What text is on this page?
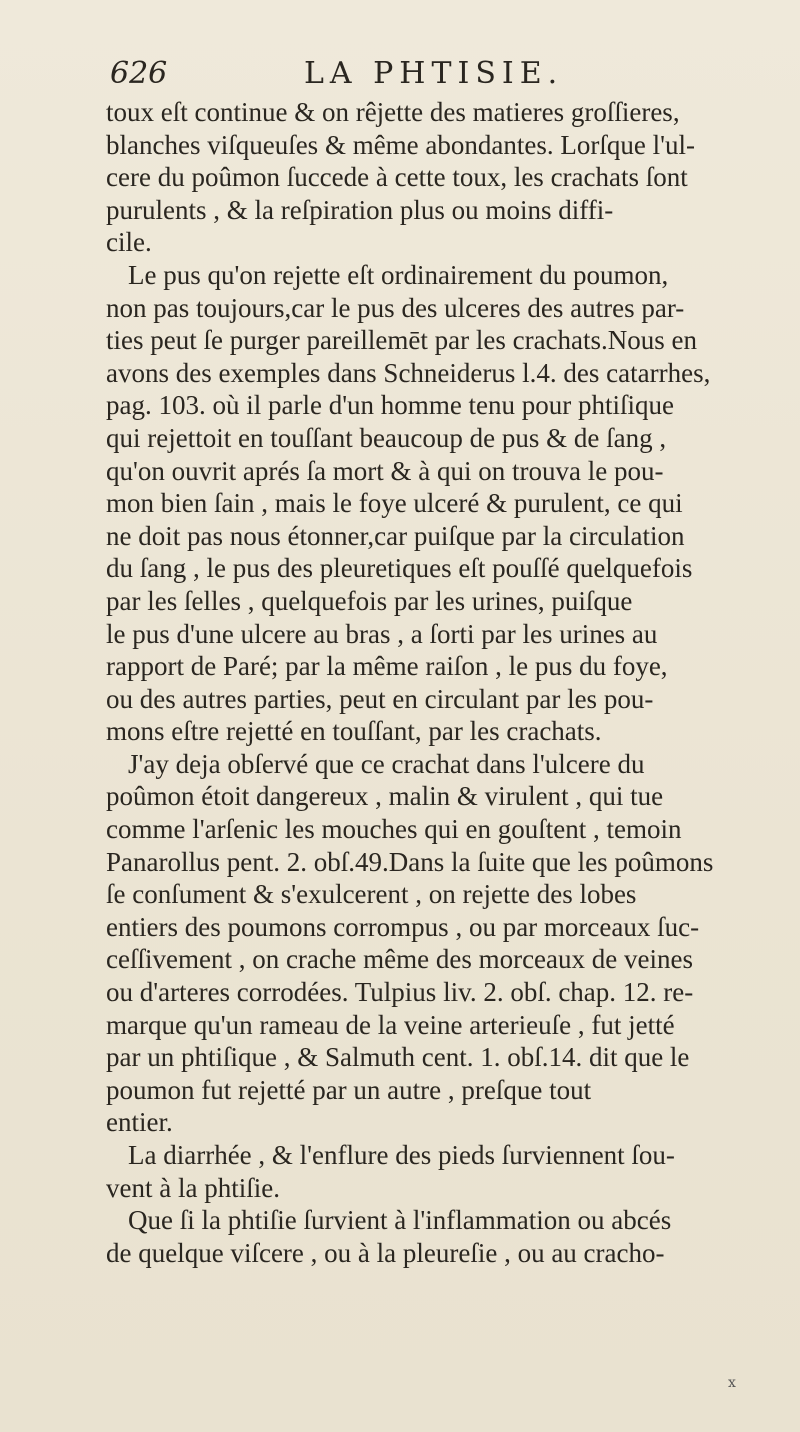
626	LA PHTISIE.
toux eſt continue & on rêjette des matieres groſſieres,
blanches viſqueuſes & même abondantes. Lorſque l'ul-
cere du poûmon ſuccede à cette toux, les crachats ſont
purulents , & la reſpiration plus ou moins diffi-
cile.
Le pus qu'on rejette eſt ordinairement du poumon,
non pas toujours,car le pus des ulceres des autres par-
ties peut ſe purger pareillemēt par les crachats.Nous en
avons des exemples dans Schneiderus l.4. des catarrhes,
pag. 103. où il parle d'un homme tenu pour phtiſique
qui rejettoit en touſſant beaucoup de pus & de ſang ,
qu'on ouvrit aprés ſa mort & à qui on trouva le pou-
mon bien ſain , mais le foye ulceré & purulent, ce qui
ne doit pas nous étonner,car puiſque par la circulation
du ſang , le pus des pleuretiques eſt pouſſé quelquefois
par les ſelles , quelquefois par les urines, puiſque
le pus d'une ulcere au bras , a ſorti par les urines au
rapport de Paré; par la même raiſon , le pus du foye,
ou des autres parties, peut en circulant par les pou-
mons eſtre rejetté en touſſant, par les crachats.
J'ay deja obſervé que ce crachat dans l'ulcere du
poûmon étoit dangereux , malin & virulent , qui tue
comme l'arſenic les mouches qui en gouſtent , temoin
Panarollus pent. 2. obſ.49.Dans la ſuite que les poûmons
ſe conſument & s'exulcerent , on rejette des lobes
entiers des poumons corrompus , ou par morceaux ſuc-
ceſſivement , on crache même des morceaux de veines
ou d'arteres corrodées. Tulpius liv. 2. obſ. chap. 12. re-
marque qu'un rameau de la veine arterieuſe , fut jetté
par un phtiſique , & Salmuth cent. 1. obſ.14. dit que le
poumon fut rejetté par un autre , preſque tout
entier.
La diarrhée , & l'enflure des pieds ſurviennent ſou-
vent à la phtiſie.
Que ſi la phtiſie ſurvient à l'inflammation ou abcés
de quelque viſcere , ou à la pleureſie , ou au cracho-
x
